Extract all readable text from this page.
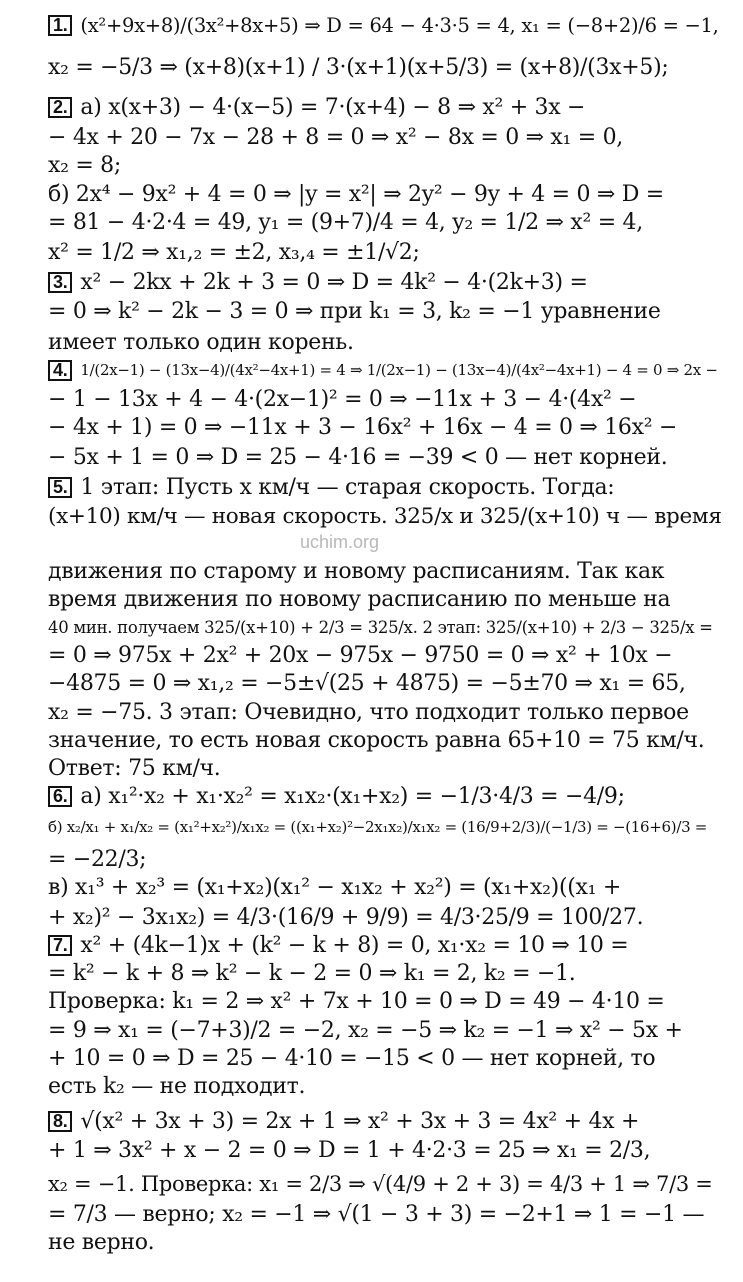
uchim.org
1. (x²+9x+8)/(3x²+8x+5) ⇒ D = 64 − 4·3·5 = 4, x₁ = (−8+2)/6 = −1,
x₂ = −5/3 ⇒ (x+8)(x+1) / 3·(x+1)(x+5/3) = (x+8)/(3x+5);
2. а) x(x+3) − 4·(x−5) = 7·(x+4) − 8 ⇒ x² + 3x −
− 4x + 20 − 7x − 28 + 8 = 0 ⇒ x² − 8x = 0 ⇒ x₁ = 0,
x₂ = 8;
б) 2x⁴ − 9x² + 4 = 0 ⇒ |y = x²| ⇒ 2y² − 9y + 4 = 0 ⇒ D =
= 81 − 4·2·4 = 49, y₁ = (9+7)/4 = 4, y₂ = 1/2 ⇒ x² = 4,
x² = 1/2 ⇒ x₁,₂ = ±2, x₃,₄ = ±1/√2;
3. x² − 2kx + 2k + 3 = 0 ⇒ D = 4k² − 4·(2k+3) =
= 0 ⇒ k² − 2k − 3 = 0 ⇒ при k₁ = 3, k₂ = −1 уравнение
имеет только один корень.
4. 1/(2x−1) − (13x−4)/(4x²−4x+1) = 4 ⇒ 1/(2x−1) − (13x−4)/(4x²−4x+1) − 4 = 0 ⇒ 2x −
− 1 − 13x + 4 − 4·(2x−1)² = 0 ⇒ −11x + 3 − 4·(4x² −
− 4x + 1) = 0 ⇒ −11x + 3 − 16x² + 16x − 4 = 0 ⇒ 16x² −
− 5x + 1 = 0 ⇒ D = 25 − 4·16 = −39 < 0 — нет корней.
5. 1 этап: Пусть x км/ч — старая скорость. Тогда:
(x+10) км/ч — новая скорость. 325/x и 325/(x+10) ч — время
движения по старому и новому расписаниям. Так как
время движения по новому расписанию по меньше на
40 мин. получаем 325/(x+10) + 2/3 = 325/x. 2 этап: 325/(x+10) + 2/3 − 325/x =
= 0 ⇒ 975x + 2x² + 20x − 975x − 9750 = 0 ⇒ x² + 10x −
−4875 = 0 ⇒ x₁,₂ = −5±√(25 + 4875) = −5±70 ⇒ x₁ = 65,
x₂ = −75. 3 этап: Очевидно, что подходит только первое
значение, то есть новая скорость равна 65+10 = 75 км/ч.
Ответ: 75 км/ч.
6. а) x₁²·x₂ + x₁·x₂² = x₁x₂·(x₁+x₂) = −1/3·4/3 = −4/9;
б) x₂/x₁ + x₁/x₂ = (x₁²+x₂²)/x₁x₂ = ((x₁+x₂)²−2x₁x₂)/x₁x₂ = (16/9+2/3)/(−1/3) = −(16+6)/3 =
= −22/3;
в) x₁³ + x₂³ = (x₁+x₂)(x₁² − x₁x₂ + x₂²) = (x₁+x₂)((x₁ +
+ x₂)² − 3x₁x₂) = 4/3·(16/9 + 9/9) = 4/3·25/9 = 100/27.
7. x² + (4k−1)x + (k² − k + 8) = 0, x₁·x₂ = 10 ⇒ 10 =
= k² − k + 8 ⇒ k² − k − 2 = 0 ⇒ k₁ = 2, k₂ = −1.
Проверка: k₁ = 2 ⇒ x² + 7x + 10 = 0 ⇒ D = 49 − 4·10 =
= 9 ⇒ x₁ = (−7+3)/2 = −2, x₂ = −5 ⇒ k₂ = −1 ⇒ x² − 5x +
+ 10 = 0 ⇒ D = 25 − 4·10 = −15 < 0 — нет корней, то
есть k₂ — не подходит.
8. √(x² + 3x + 3) = 2x + 1 ⇒ x² + 3x + 3 = 4x² + 4x +
+ 1 ⇒ 3x² + x − 2 = 0 ⇒ D = 1 + 4·2·3 = 25 ⇒ x₁ = 2/3,
x₂ = −1. Проверка: x₁ = 2/3 ⇒ √(4/9 + 2 + 3) = 4/3 + 1 ⇒ 7/3 =
= 7/3 — верно; x₂ = −1 ⇒ √(1 − 3 + 3) = −2+1 ⇒ 1 = −1 —
не верно.
